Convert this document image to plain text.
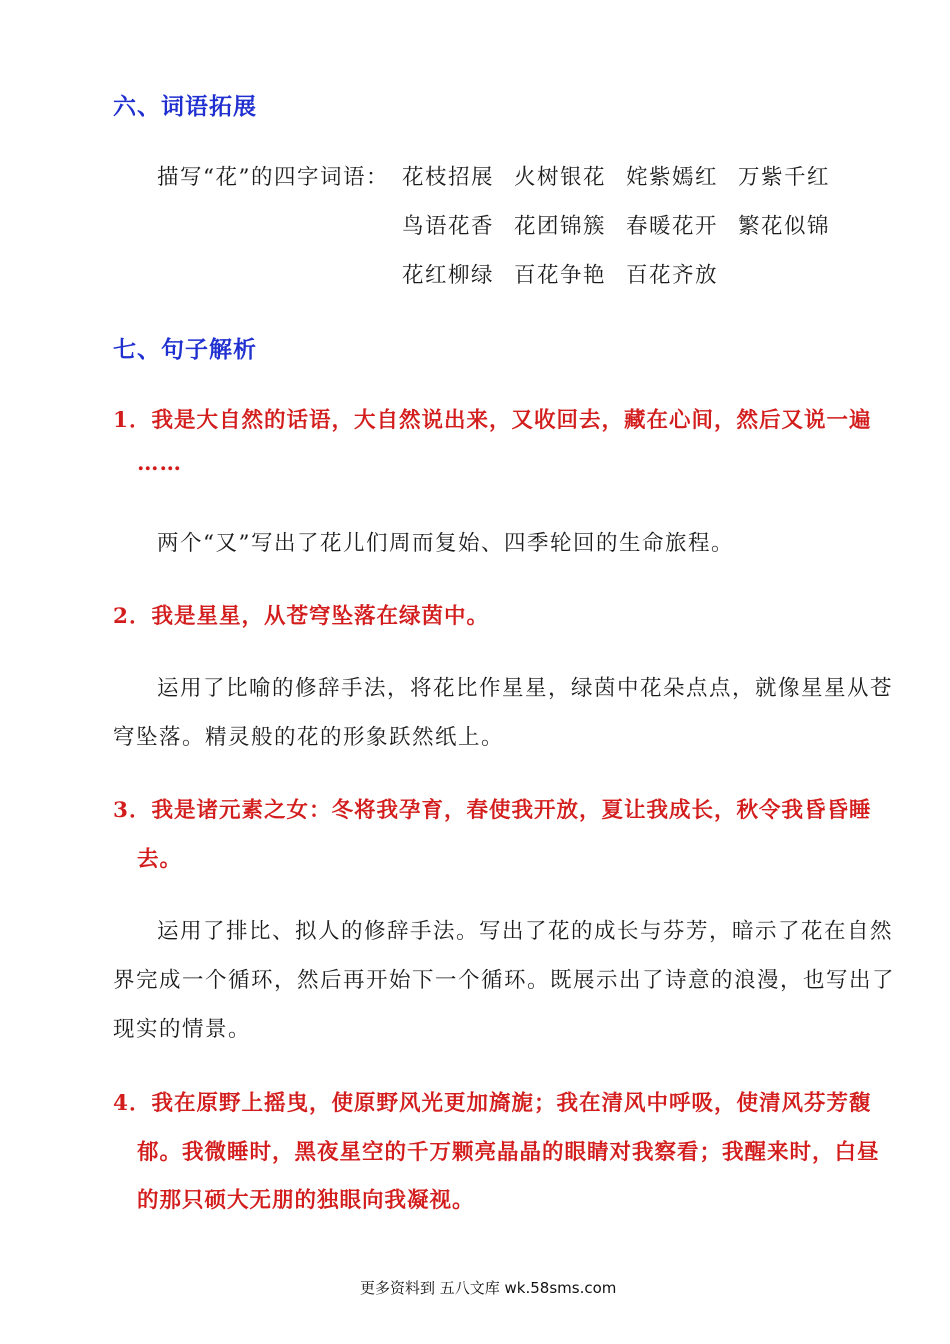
六、词语拓展
描写“花”的四字词语： 花枝招展 火树银花 姹紫嫣红 万紫千红
鸟语花香 花团锦簇 春暖花开 繁花似锦
花红柳绿 百花争艳 百花齐放
七、句子解析
1．我是大自然的话语，大自然说出来，又收回去，藏在心间，然后又说一遍
……
两个“又”写出了花儿们周而复始、四季轮回的生命旅程。
2．我是星星，从苍穹坠落在绿茵中。
运用了比喻的修辞手法，将花比作星星，绿茵中花朵点点，就像星星从苍
穹坠落。精灵般的花的形象跃然纸上。
3．我是诸元素之女：冬将我孕育，春使我开放，夏让我成长，秋令我昏昏睡
去。
运用了排比、拟人的修辞手法。写出了花的成长与芬芳，暗示了花在自然
界完成一个循环，然后再开始下一个循环。既展示出了诗意的浪漫，也写出了
现实的情景。
4．我在原野上摇曳，使原野风光更加旖旎；我在清风中呼吸，使清风芬芳馥
郁。我微睡时，黑夜星空的千万颗亮晶晶的眼睛对我察看；我醒来时，白昼
的那只硕大无朋的独眼向我凝视。
更多资料到 五八文库 wk.58sms.com
